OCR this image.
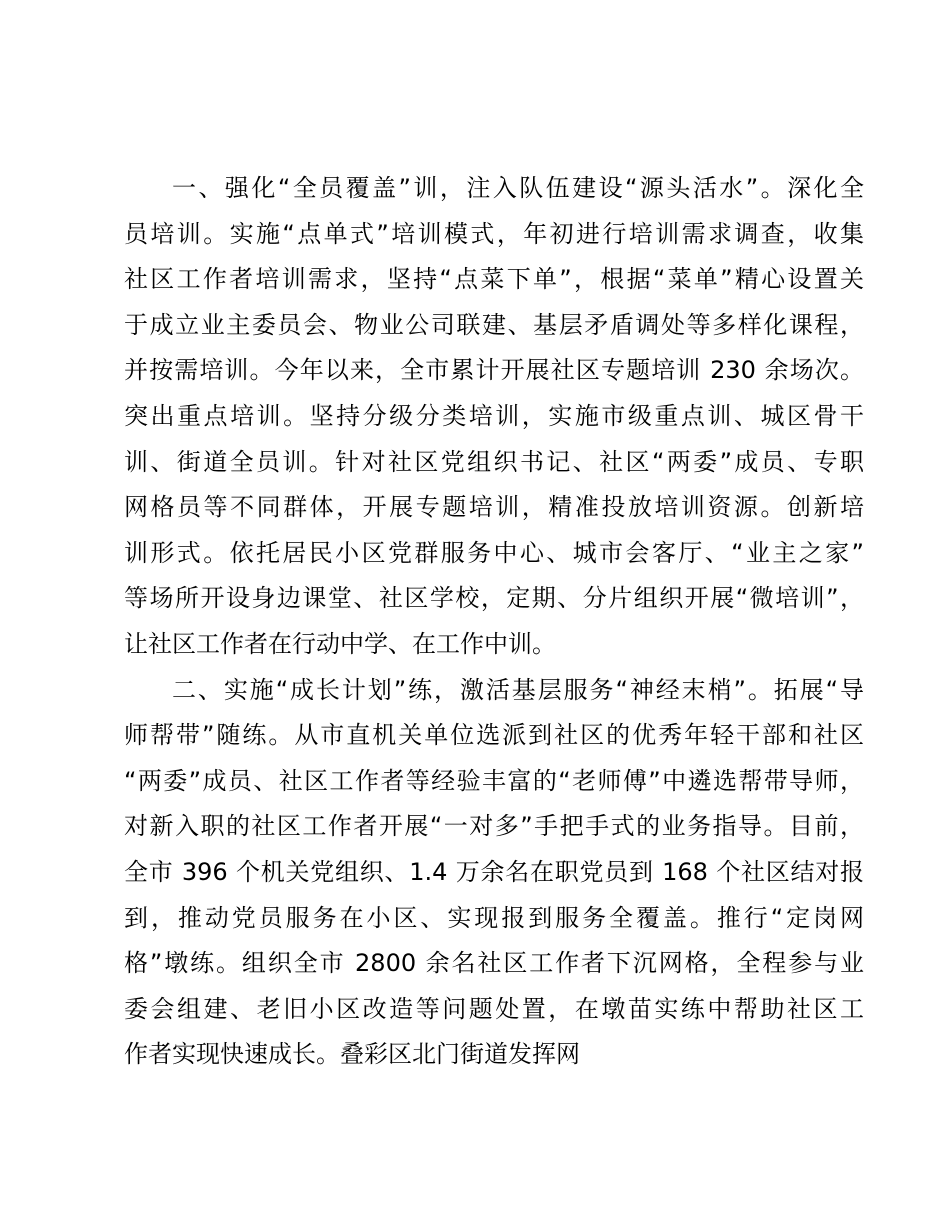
一、强化“全员覆盖”训，注入队伍建设“源头活水”。深化全
员培训。实施“点单式”培训模式，年初进行培训需求调查，收集
社区工作者培训需求，坚持“点菜下单”，根据“菜单”精心设置关
于成立业主委员会、物业公司联建、基层矛盾调处等多样化课程，
并按需培训。今年以来，全市累计开展社区专题培训 230 余场次。
突出重点培训。坚持分级分类培训，实施市级重点训、城区骨干
训、街道全员训。针对社区党组织书记、社区“两委”成员、专职
网格员等不同群体，开展专题培训，精准投放培训资源。创新培
训形式。依托居民小区党群服务中心、城市会客厅、“业主之家”
等场所开设身边课堂、社区学校，定期、分片组织开展“微培训”，
让社区工作者在行动中学、在工作中训。
二、实施“成长计划”练，激活基层服务“神经末梢”。拓展“导
师帮带”随练。从市直机关单位选派到社区的优秀年轻干部和社区
“两委”成员、社区工作者等经验丰富的“老师傅”中遴选帮带导师，
对新入职的社区工作者开展“一对多”手把手式的业务指导。目前，
全市 396 个机关党组织、1.4 万余名在职党员到 168 个社区结对报
到，推动党员服务在小区、实现报到服务全覆盖。推行“定岗网
格”墩练。组织全市 2800 余名社区工作者下沉网格，全程参与业
委会组建、老旧小区改造等问题处置，在墩苗实练中帮助社区工
作者实现快速成长。叠彩区北门街道发挥网
